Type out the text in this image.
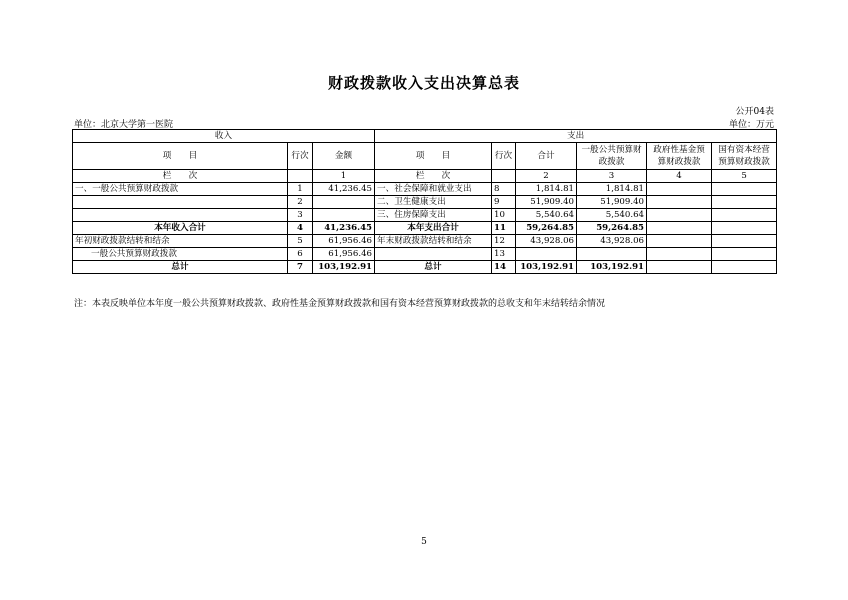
财政拨款收入支出决算总表
公开04表
单位：北京大学第一医院	单位：万元
收入			支出					
项　　目	行次	金额	项　　目	行次	合计	一般公共预算财政拨款	政府性基金预算财政拨款	国有资本经营预算财政拨款
栏　　次		1	栏　　次		2	3	4	5
一、一般公共预算财政拨款	1	41,236.45	一、社会保障和就业支出	8	1,814.81	1,814.81		
	2		二、卫生健康支出	9	51,909.40	51,909.40		
	3		三、住房保障支出	10	5,540.64	5,540.64		
本年收入合计	4	41,236.45	本年支出合计	11	59,264.85	59,264.85		
年初财政拨款结转和结余	5	61,956.46	年末财政拨款结转和结余	12	43,928.06	43,928.06		
一般公共预算财政拨款	6	61,956.46		13				
总计	7	103,192.91	总计	14	103,192.91	103,192.91		
注：本表反映单位本年度一般公共预算财政拨款、政府性基金预算财政拨款和国有资本经营预算财政拨款的总收支和年末结转结余情况
5
